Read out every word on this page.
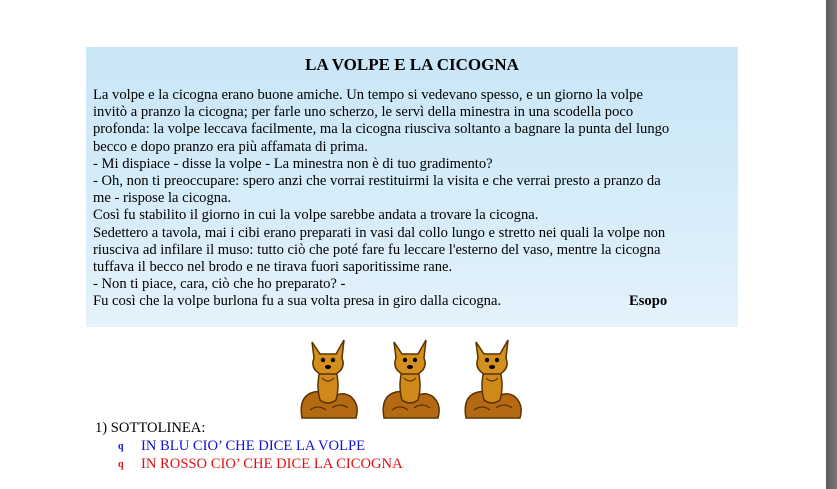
LA VOLPE E LA CICOGNA
La volpe e la cicogna erano buone amiche. Un tempo si vedevano spesso, e un giorno la volpe
invitò a pranzo la cicogna; per farle uno scherzo, le servì della minestra in una scodella poco
profonda: la volpe leccava facilmente, ma la cicogna riusciva soltanto a bagnare la punta del lungo
becco e dopo pranzo era più affamata di prima.
- Mi dispiace - disse la volpe - La minestra non è di tuo gradimento?
- Oh, non ti preoccupare: spero anzi che vorrai restituirmi la visita e che verrai presto a pranzo da
me - rispose la cicogna.
Così fu stabilito il giorno in cui la volpe sarebbe andata a trovare la cicogna.
Sedettero a tavola, mai i cibi erano preparati in vasi dal collo lungo e stretto nei quali la volpe non
riusciva ad infilare il muso: tutto ciò che poté fare fu leccare l'esterno del vaso, mentre la cicogna
tuffava il becco nel brodo e ne tirava fuori saporitissime rane.
- Non ti piace, cara, ciò che ho preparato? -
Fu così che la volpe burlona fu a sua volta presa in giro dalla cicogna.	Esopo
1) SOTTOLINEA:
q IN BLU CIO’ CHE DICE LA VOLPE
q IN ROSSO CIO’ CHE DICE LA CICOGNA
